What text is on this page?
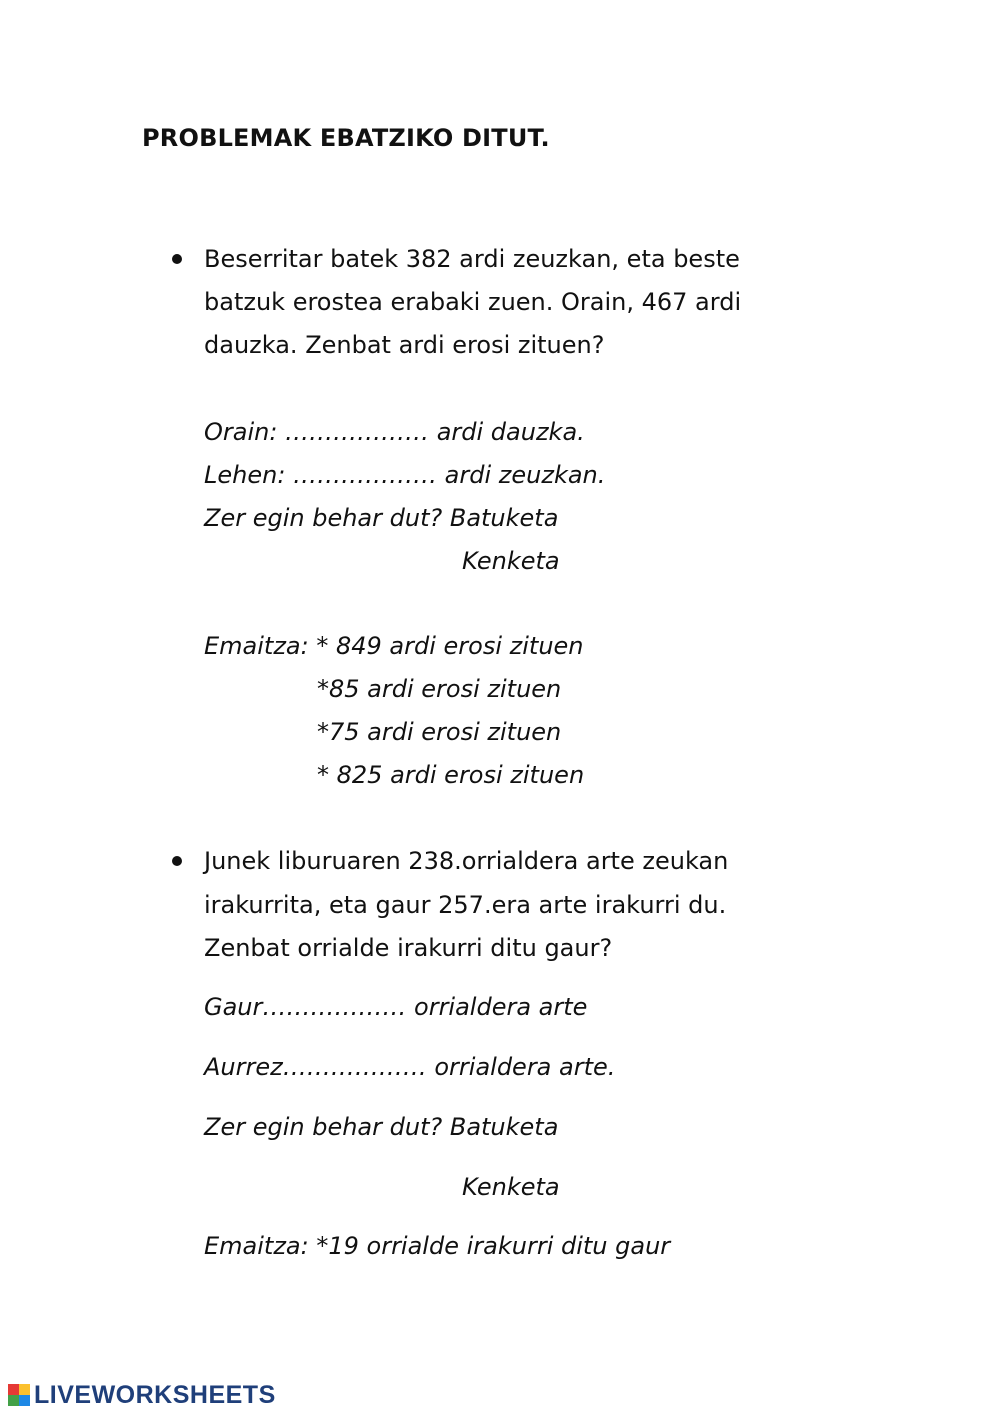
PROBLEMAK EBATZIKO DITUT.
Beserritar batek 382 ardi zeuzkan, eta beste
batzuk erostea erabaki zuen. Orain, 467 ardi
dauzka. Zenbat ardi erosi zituen?
Orain: ……………… ardi dauzka.
Lehen: ……………… ardi zeuzkan.
Zer egin behar dut? Batuketa
Kenketa
Emaitza: * 849 ardi erosi zituen
*85 ardi erosi zituen
*75 ardi erosi zituen
* 825 ardi erosi zituen
Junek liburuaren 238.orrialdera arte zeukan
irakurrita, eta gaur 257.era arte irakurri du.
Zenbat orrialde irakurri ditu gaur?
Gaur……………… orrialdera arte
Aurrez……………… orrialdera arte.
Zer egin behar dut? Batuketa
Kenketa
Emaitza: *19 orrialde irakurri ditu gaur
LIVEWORKSHEETS
